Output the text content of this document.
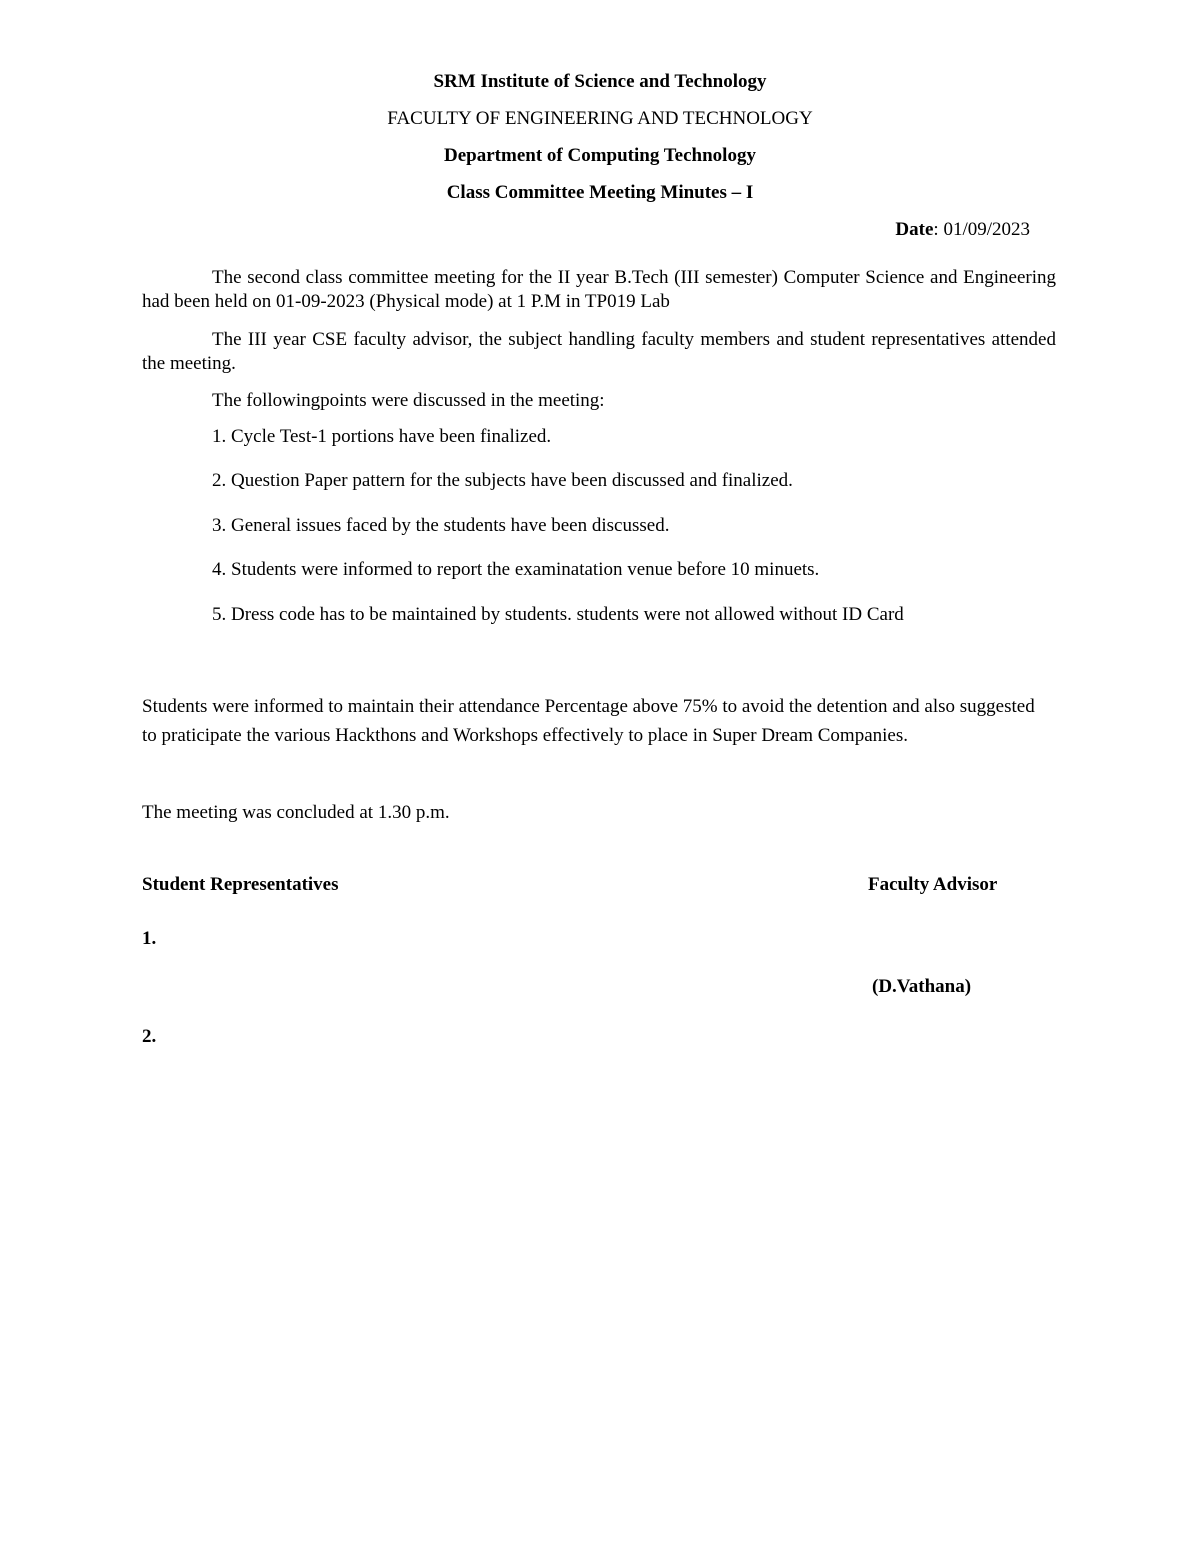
SRM Institute of Science and Technology
FACULTY OF ENGINEERING AND TECHNOLOGY
Department of Computing Technology
Class Committee Meeting Minutes – I
Date: 01/09/2023
The second class committee meeting for the II year B.Tech (III semester) Computer Science and Engineering had been held on 01-09-2023 (Physical mode) at 1 P.M in TP019 Lab
The III year CSE faculty advisor, the subject handling faculty members and student representatives attended the meeting.
The followingpoints were discussed in the meeting:
1. Cycle Test-1 portions have been finalized.
2. Question Paper pattern for the subjects have been discussed and finalized.
3. General issues faced by the students have been discussed.
4. Students were informed to report the examinatation venue before 10 minuets.
5. Dress code has to be maintained by students. students were not allowed without ID Card
Students were informed to maintain their attendance Percentage above 75% to avoid the detention and also suggested to praticipate the various Hackthons and Workshops effectively to place in Super Dream Companies.
The meeting was concluded at 1.30 p.m.
Student Representatives	Faculty Advisor
1.
(D.Vathana)
2.
